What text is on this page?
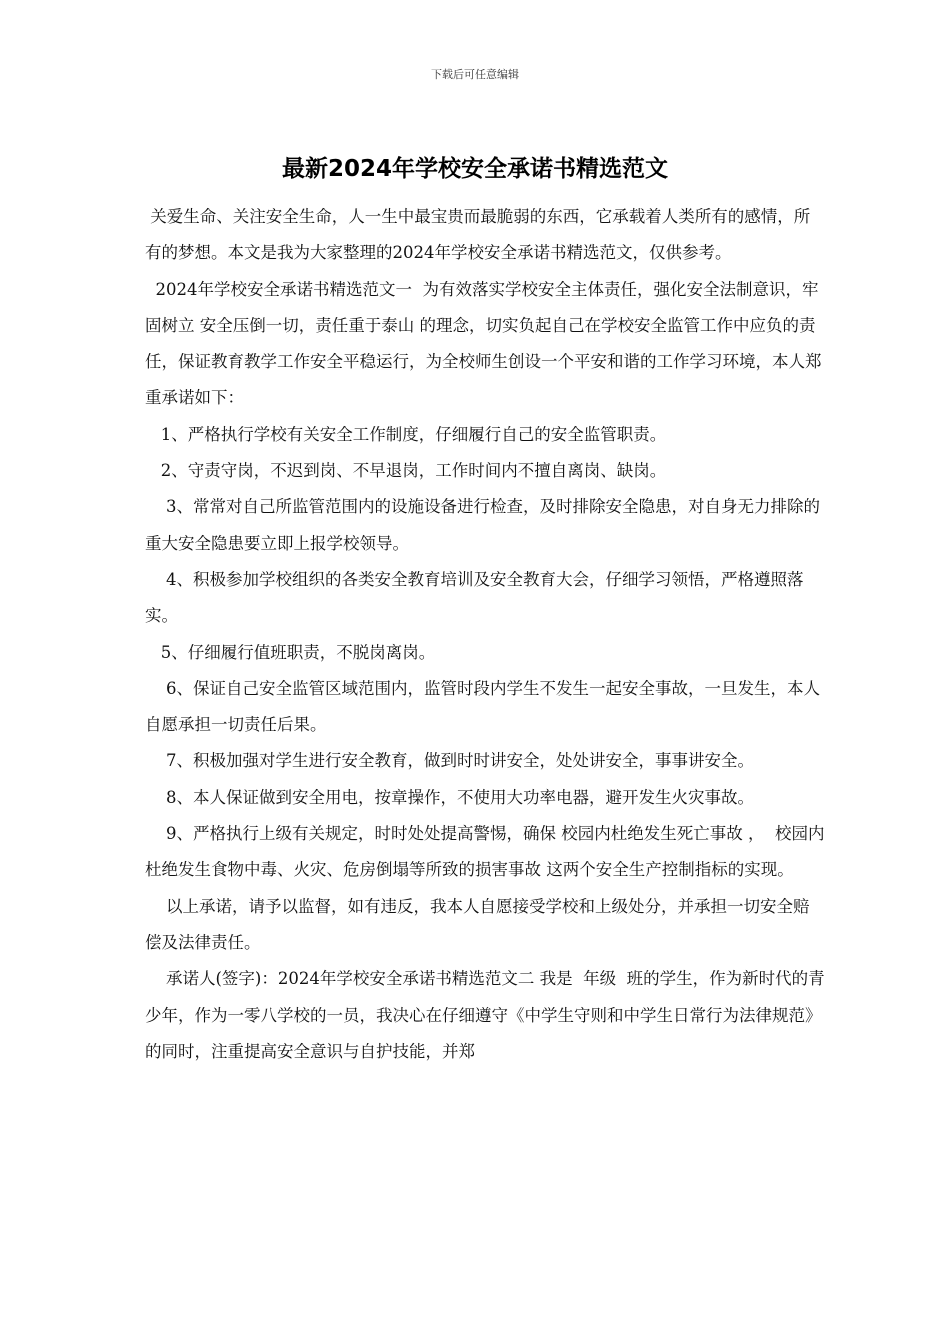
下载后可任意编辑
最新2024年学校安全承诺书精选范文

关爱生命、关注安全生命，人一生中最宝贵而最脆弱的东西，它承载着人类所有的感情，所有的梦想。本文是我为大家整理的2024年学校安全承诺书精选范文，仅供参考。

2024年学校安全承诺书精选范文一  为有效落实学校安全主体责任，强化安全法制意识，牢固树立 安全压倒一切，责任重于泰山 的理念，切实负起自己在学校安全监管工作中应负的责任，保证教育教学工作安全平稳运行，为全校师生创设一个平安和谐的工作学习环境，本人郑重承诺如下：

1、严格执行学校有关安全工作制度，仔细履行自己的安全监管职责。

2、守责守岗，不迟到岗、不早退岗，工作时间内不擅自离岗、缺岗。

3、常常对自己所监管范围内的设施设备进行检查，及时排除安全隐患，对自身无力排除的重大安全隐患要立即上报学校领导。

4、积极参加学校组织的各类安全教育培训及安全教育大会，仔细学习领悟，严格遵照落实。

5、仔细履行值班职责，不脱岗离岗。

6、保证自己安全监管区域范围内，监管时段内学生不发生一起安全事故，一旦发生，本人自愿承担一切责任后果。

7、积极加强对学生进行安全教育，做到时时讲安全，处处讲安全，事事讲安全。

8、本人保证做到安全用电，按章操作，不使用大功率电器，避开发生火灾事故。

9、严格执行上级有关规定，时时处处提高警惕，确保 校园内杜绝发生死亡事故 ，  校园内杜绝发生食物中毒、火灾、危房倒塌等所致的损害事故 这两个安全生产控制指标的实现。

以上承诺，请予以监督，如有违反，我本人自愿接受学校和上级处分，并承担一切安全赔偿及法律责任。

承诺人(签字)：2024年学校安全承诺书精选范文二 我是  年级  班的学生，作为新时代的青少年，作为一零八学校的一员，我决心在仔细遵守《中学生守则和中学生日常行为法律规范》的同时，注重提高安全意识与自护技能，并郑
